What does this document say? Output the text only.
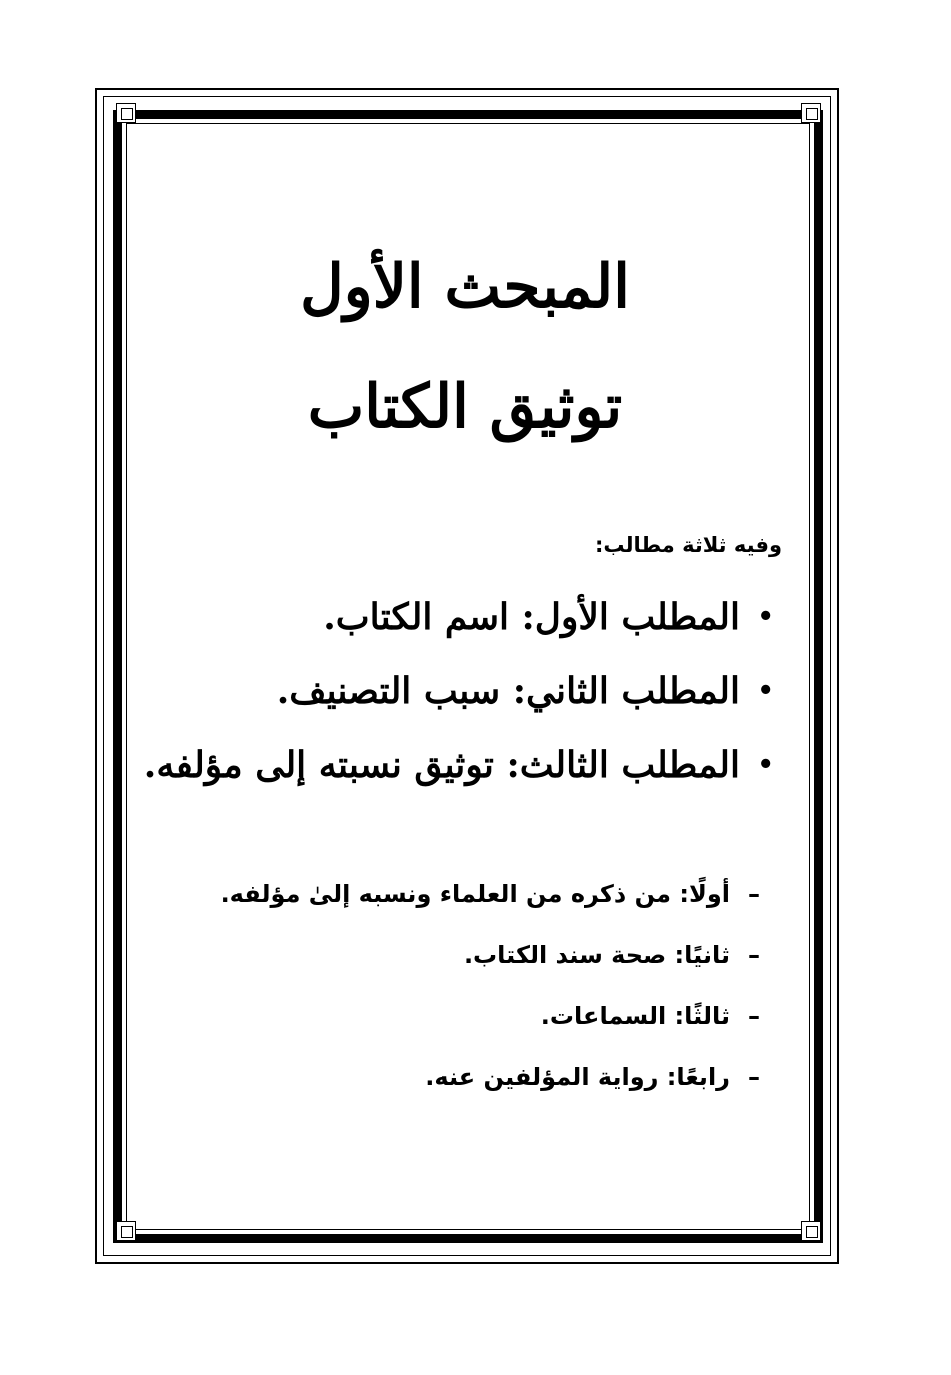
المبحث الأول
توثيق الكتاب
وفيه ثلاثة مطالب:
•
المطلب الأول: اسم الكتاب.
•
المطلب الثاني: سبب التصنيف.
•
المطلب الثالث: توثيق نسبته إلى مؤلفه.
–
أولًا: من ذكره من العلماء ونسبه إلىٰ مؤلفه.
–
ثانيًا: صحة سند الكتاب.
–
ثالثًا: السماعات.
–
رابعًا: رواية المؤلفين عنه.
